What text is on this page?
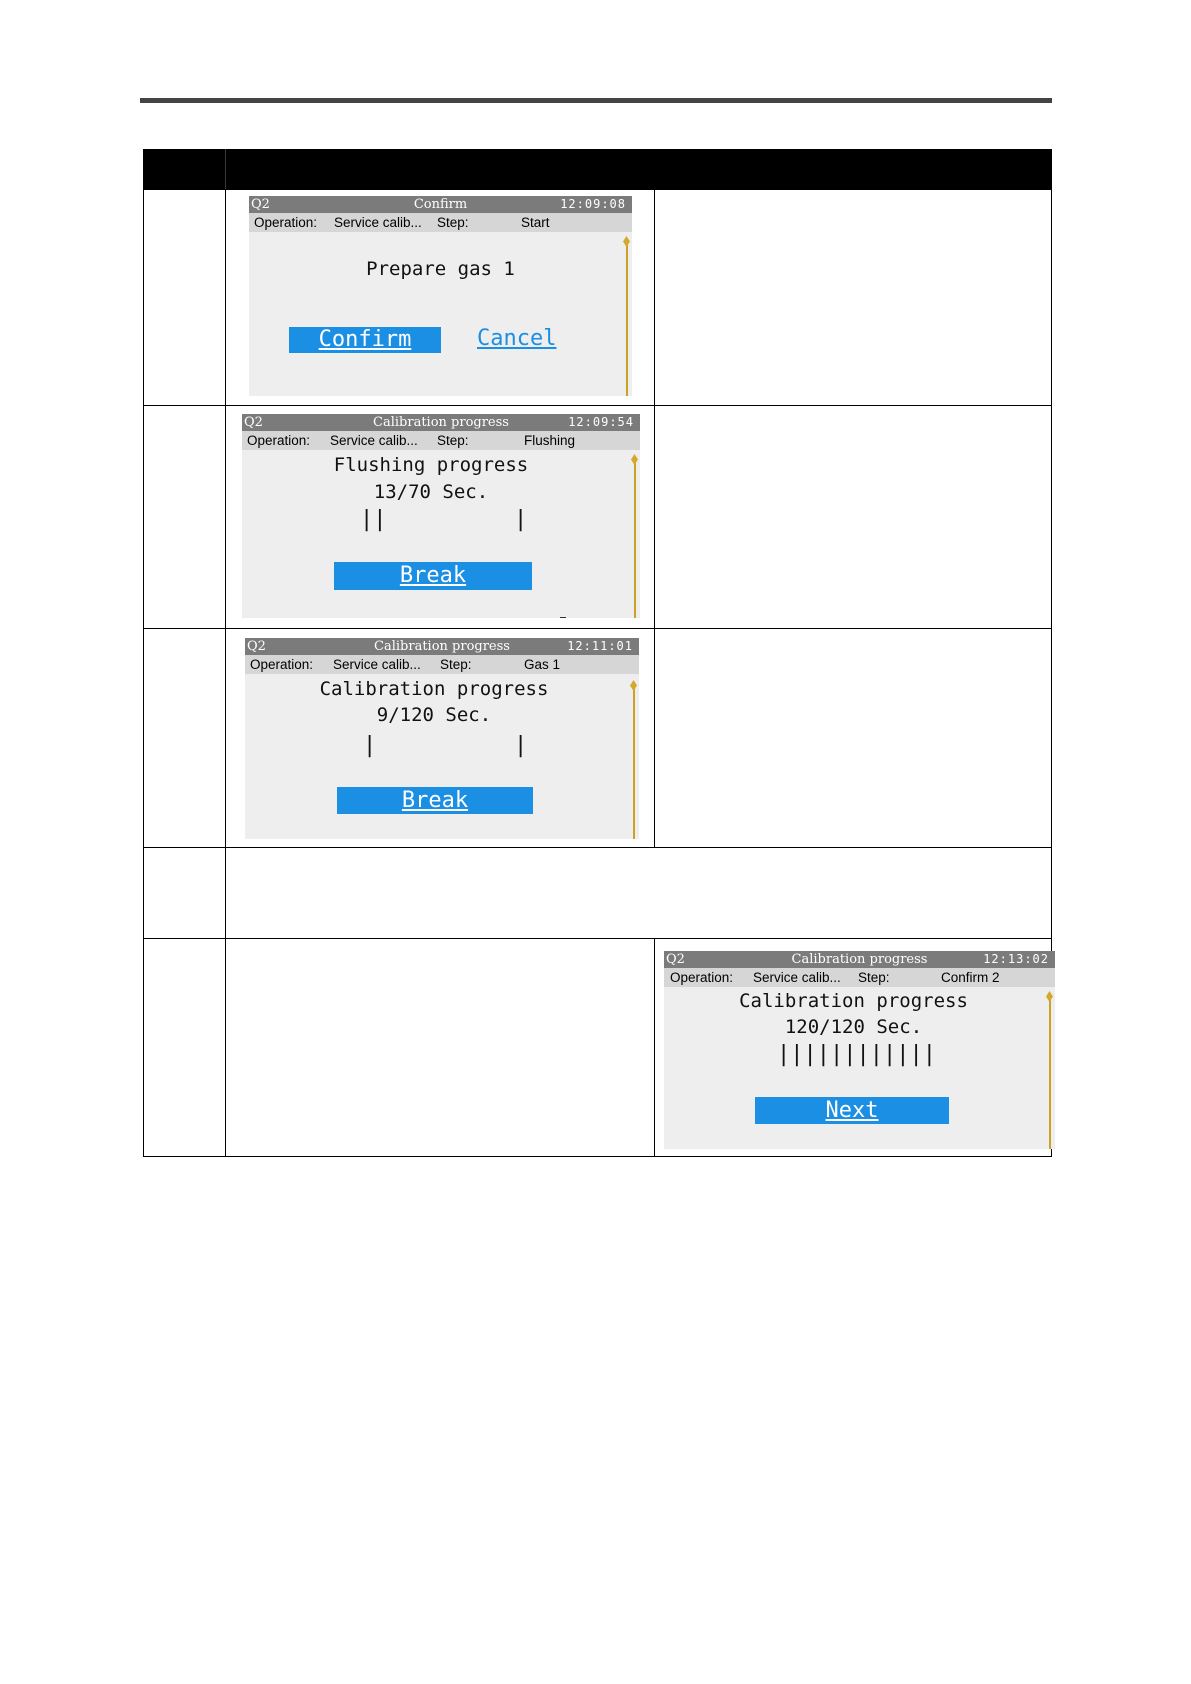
Q2	Confirm	12:09:08
Operation: Service calib... Step:	Start
Prepare gas 1
Confirm	Cancel
Q2	Calibration progress	12:09:54
Operation: Service calib... Step:	Flushing
Flushing progress
13/70 Sec.
||	|
Break
Q2	Calibration progress	12:11:01
Operation: Service calib... Step:	Gas 1
Calibration progress
9/120 Sec.
|	|
Break
Q2	Calibration progress	12:13:02
Operation: Service calib... Step:	Confirm 2
Calibration progress
120/120 Sec.
||||||||||||
Next
